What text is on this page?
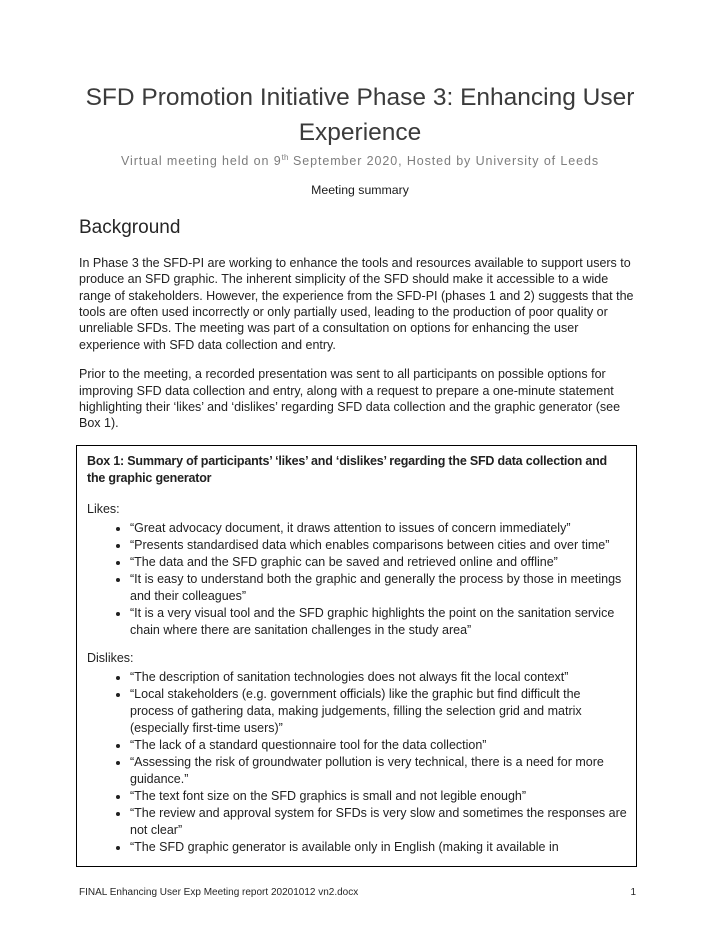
SFD Promotion Initiative Phase 3: Enhancing User Experience
Virtual meeting held on 9th September 2020, Hosted by University of Leeds
Meeting summary
Background

In Phase 3 the SFD-PI are working to enhance the tools and resources available to support users to produce an SFD graphic. The inherent simplicity of the SFD should make it accessible to a wide range of stakeholders. However, the experience from the SFD-PI (phases 1 and 2) suggests that the tools are often used incorrectly or only partially used, leading to the production of poor quality or unreliable SFDs. The meeting was part of a consultation on options for enhancing the user experience with SFD data collection and entry.

Prior to the meeting, a recorded presentation was sent to all participants on possible options for improving SFD data collection and entry, along with a request to prepare a one-minute statement highlighting their ‘likes’ and ‘dislikes’ regarding SFD data collection and the graphic generator (see Box 1).

Box 1: Summary of participants’ ‘likes’ and ‘dislikes’ regarding the SFD data collection and the graphic generator
Likes:
• “Great advocacy document, it draws attention to issues of concern immediately”
• “Presents standardised data which enables comparisons between cities and over time”
• “The data and the SFD graphic can be saved and retrieved online and offline”
• “It is easy to understand both the graphic and generally the process by those in meetings and their colleagues”
• “It is a very visual tool and the SFD graphic highlights the point on the sanitation service chain where there are sanitation challenges in the study area”
Dislikes:
• “The description of sanitation technologies does not always fit the local context”
• “Local stakeholders (e.g. government officials) like the graphic but find difficult the process of gathering data, making judgements, filling the selection grid and matrix (especially first-time users)”
• “The lack of a standard questionnaire tool for the data collection”
• “Assessing the risk of groundwater pollution is very technical, there is a need for more guidance.”
• “The text font size on the SFD graphics is small and not legible enough”
• “The review and approval system for SFDs is very slow and sometimes the responses are not clear”
• “The SFD graphic generator is available only in English (making it available in
FINAL Enhancing User Exp Meeting report 20201012 vn2.docx	1
